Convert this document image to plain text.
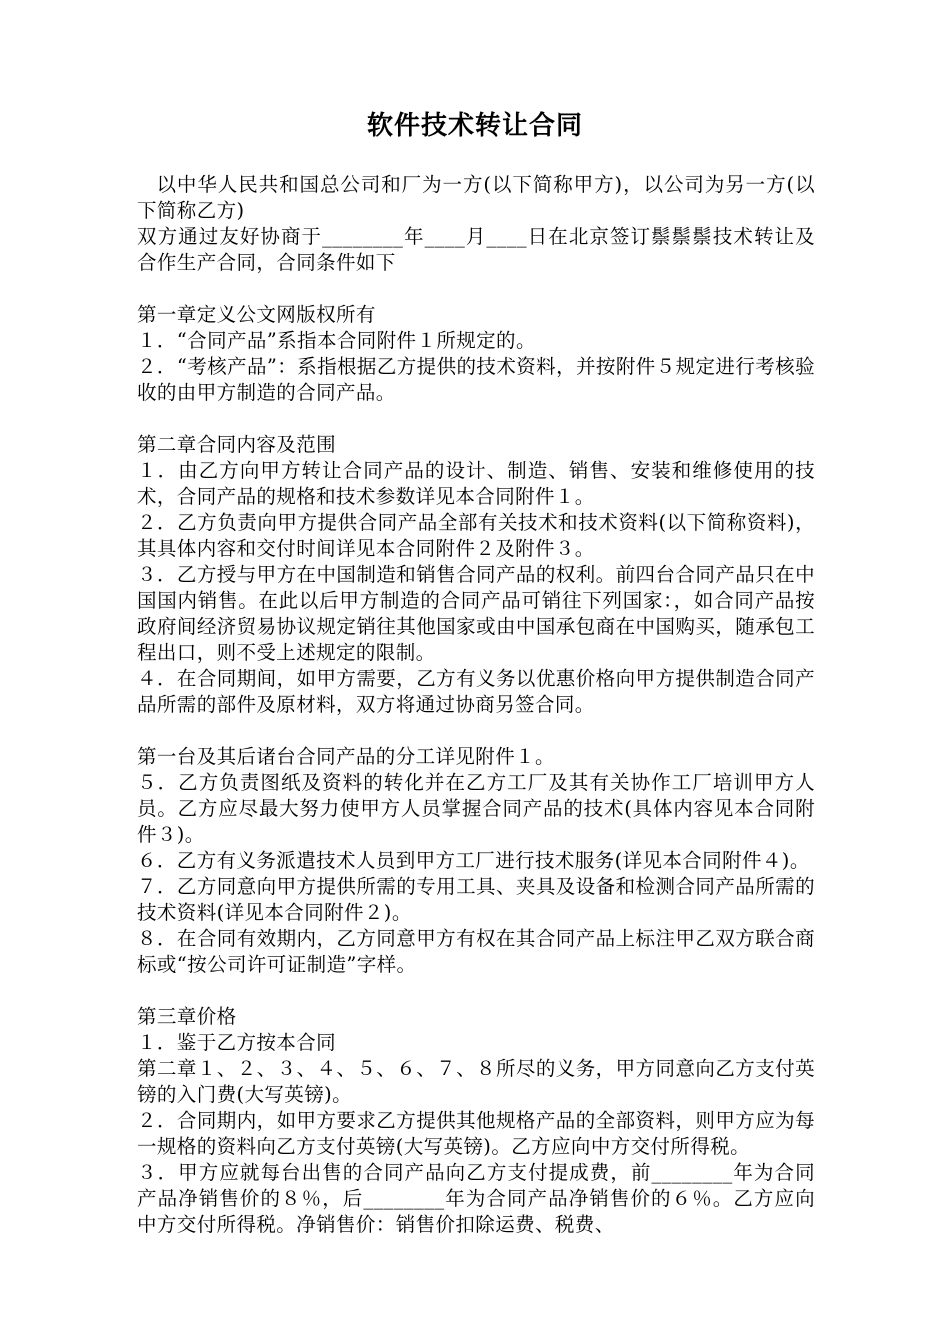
软件技术转让合同

以中华人民共和国总公司和厂为一方(以下简称甲方)，以公司为另一方(以下简称乙方)

双方通过友好协商于________年____月____日在北京签订鬃鬃鬃技术转让及合作生产合同，合同条件如下

第一章定义公文网版权所有

１．“合同产品”系指本合同附件１所规定的。

２．“考核产品”：系指根据乙方提供的技术资料，并按附件５规定进行考核验收的由甲方制造的合同产品。

第二章合同内容及范围

１．由乙方向甲方转让合同产品的设计、制造、销售、安装和维修使用的技术，合同产品的规格和技术参数详见本合同附件１。

２．乙方负责向甲方提供合同产品全部有关技术和技术资料(以下简称资料)，其具体内容和交付时间详见本合同附件２及附件３。

３．乙方授与甲方在中国制造和销售合同产品的权利。前四台合同产品只在中国国内销售。在此以后甲方制造的合同产品可销往下列国家：，如合同产品按政府间经济贸易协议规定销往其他国家或由中国承包商在中国购买，随承包工程出口，则不受上述规定的限制。

４．在合同期间，如甲方需要，乙方有义务以优惠价格向甲方提供制造合同产品所需的部件及原材料，双方将通过协商另签合同。

第一台及其后诸台合同产品的分工详见附件１。

５．乙方负责图纸及资料的转化并在乙方工厂及其有关协作工厂培训甲方人员。乙方应尽最大努力使甲方人员掌握合同产品的技术(具体内容见本合同附件３)。

６．乙方有义务派遣技术人员到甲方工厂进行技术服务(详见本合同附件４)。

７．乙方同意向甲方提供所需的专用工具、夹具及设备和检测合同产品所需的技术资料(详见本合同附件２)。

８．在合同有效期内，乙方同意甲方有权在其合同产品上标注甲乙双方联合商标或“按公司许可证制造”字样。

第三章价格

１．鉴于乙方按本合同

第二章１、２、３、４、５、６、７、８所尽的义务，甲方同意向乙方支付英镑的入门费(大写英镑)。

２．合同期内，如甲方要求乙方提供其他规格产品的全部资料，则甲方应为每一规格的资料向乙方支付英镑(大写英镑)。乙方应向中方交付所得税。

３．甲方应就每台出售的合同产品向乙方支付提成费，前________年为合同产品净销售价的８％，后________年为合同产品净销售价的６％。乙方应向中方交付所得税。净销售价：销售价扣除运费、税费、
